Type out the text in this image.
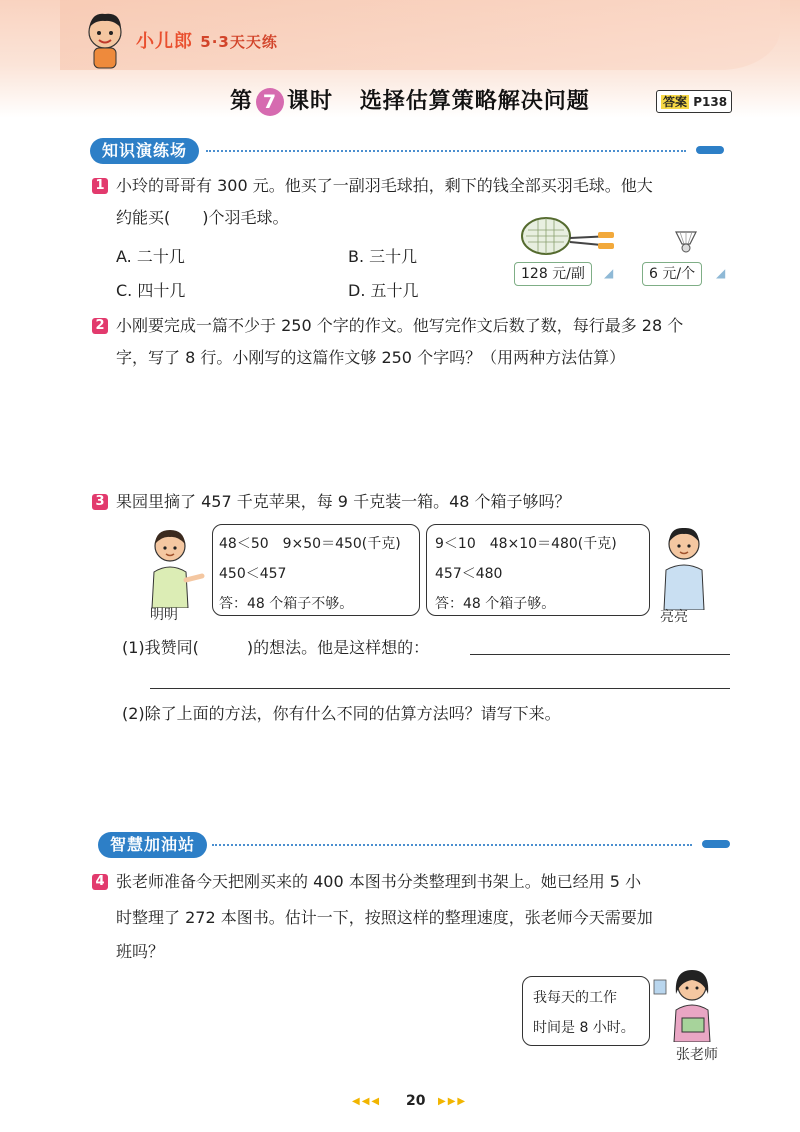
小儿郎 5·3天天练
第 7 课时 选择估算策略解决问题	答案 P138
知识演练场
1 小玲的哥哥有 300 元。他买了一副羽毛球拍，剩下的钱全部买羽毛球。他大
约能买(　　)个羽毛球。
A. 二十几	B. 三十几
C. 四十几	D. 五十几
128 元/副	◢	6 元/个	◢
2 小刚要完成一篇不少于 250 个字的作文。他写完作文后数了数，每行最多 28 个
字，写了 8 行。小刚写的这篇作文够 250 个字吗？（用两种方法估算）
3 果园里摘了 457 千克苹果，每 9 千克装一箱。48 个箱子够吗？
明明
48＜50　9×50＝450(千克)
450＜457
答：48 个箱子不够。
9＜10　48×10＝480(千克)
457＜480
答：48 个箱子够。
亮亮
(1)我赞同(　　　)的想法。他是这样想的：
(2)除了上面的方法，你有什么不同的估算方法吗？请写下来。
智慧加油站
4 张老师准备今天把刚买来的 400 本图书分类整理到书架上。她已经用 5 小
时整理了 272 本图书。估计一下，按照这样的整理速度，张老师今天需要加
班吗？
我每天的工作
时间是 8 小时。
张老师
◀◀◀ 20 ▶▶▶
